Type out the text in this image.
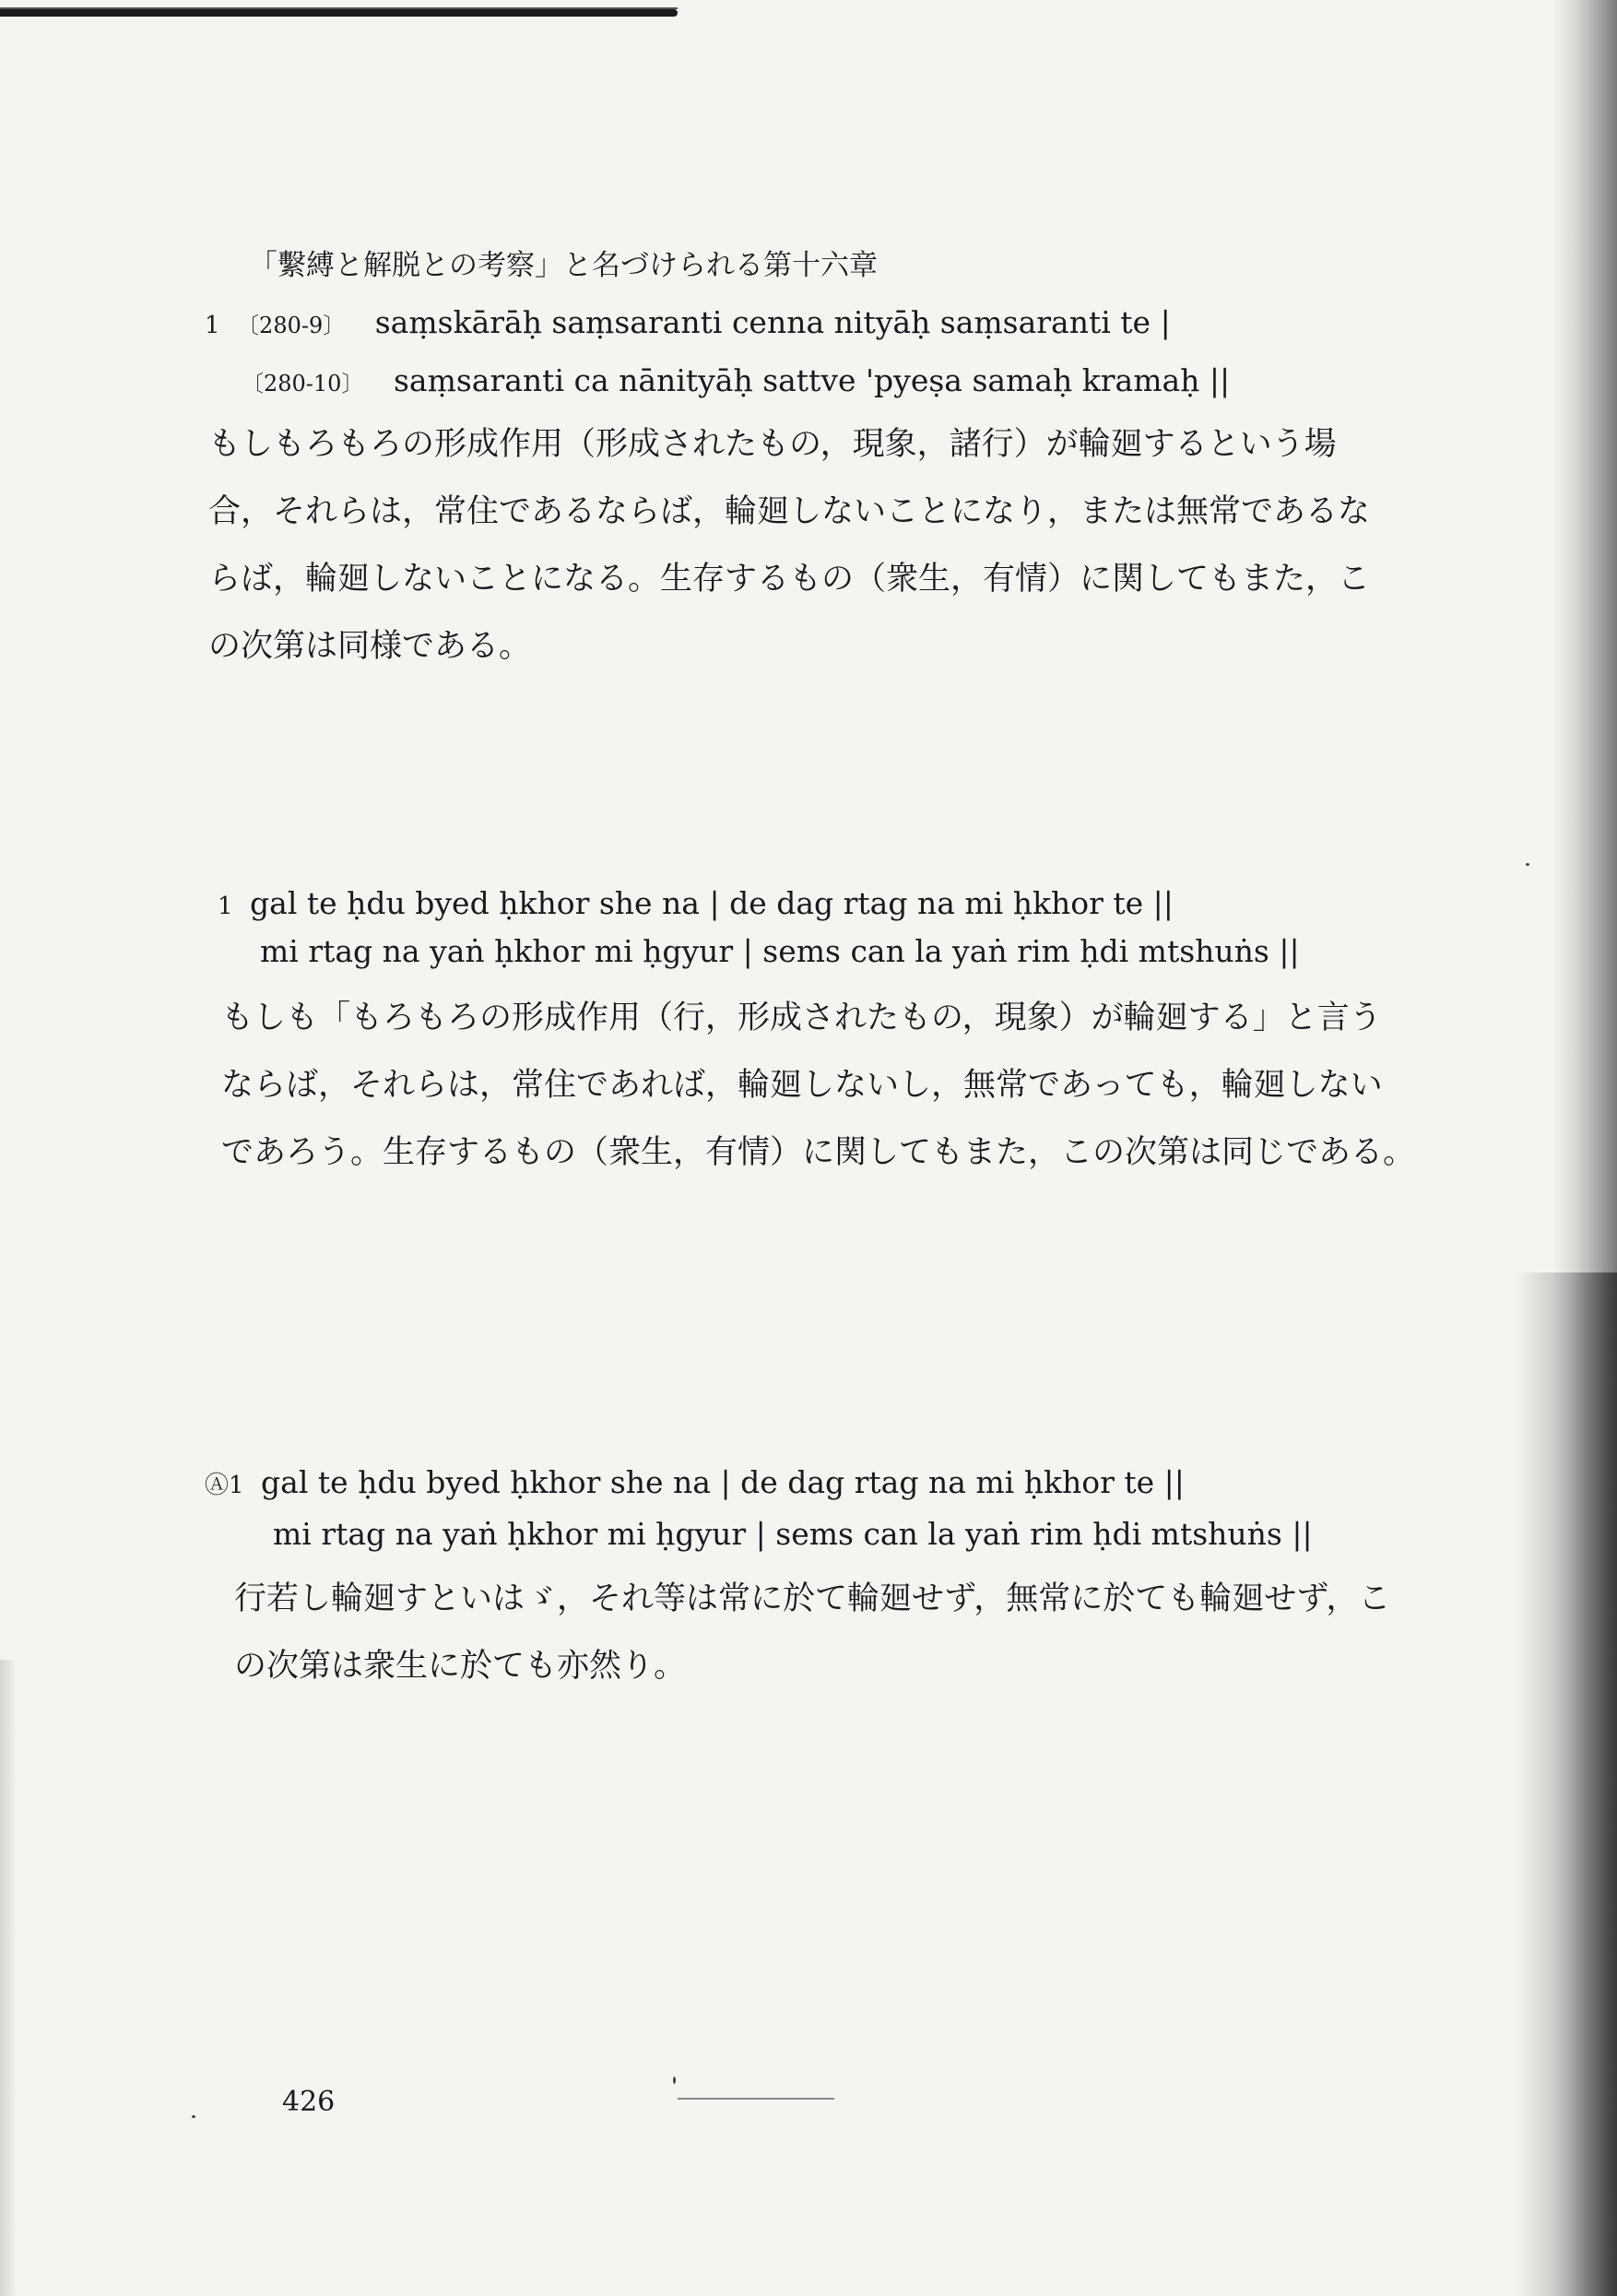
「繫縛と解脱との考察」と名づけられる第十六章
1 〔280-9〕 saṃskārāḥ saṃsaranti cenna nityāḥ saṃsaranti te |
〔280-10〕 saṃsaranti ca nānityāḥ sattve 'pyeṣa samaḥ kramaḥ ||
もしもろもろの形成作用（形成されたもの，現象，諸行）が輪廻するという場
合，それらは，常住であるならば，輪廻しないことになり，または無常であるな
らば，輪廻しないことになる。生存するもの（衆生，有情）に関してもまた，こ
の次第は同様である。
1 gal te ḥdu byed ḥkhor she na | de dag rtag na mi ḥkhor te ||
mi rtag na yaṅ ḥkhor mi ḥgyur | sems can la yaṅ rim ḥdi mtshuṅs ||
もしも「もろもろの形成作用（行，形成されたもの，現象）が輪廻する」と言う
ならば，それらは，常住であれば，輪廻しないし，無常であっても，輪廻しない
であろう。生存するもの（衆生，有情）に関してもまた，この次第は同じである。
Ⓐ1 gal te ḥdu byed ḥkhor she na | de dag rtag na mi ḥkhor te ||
mi rtag na yaṅ ḥkhor mi ḥgyur | sems can la yaṅ rim ḥdi mtshuṅs ||
行若し輪廻すといはゞ，それ等は常に於て輪廻せず，無常に於ても輪廻せず，こ
の次第は衆生に於ても亦然り。
426
